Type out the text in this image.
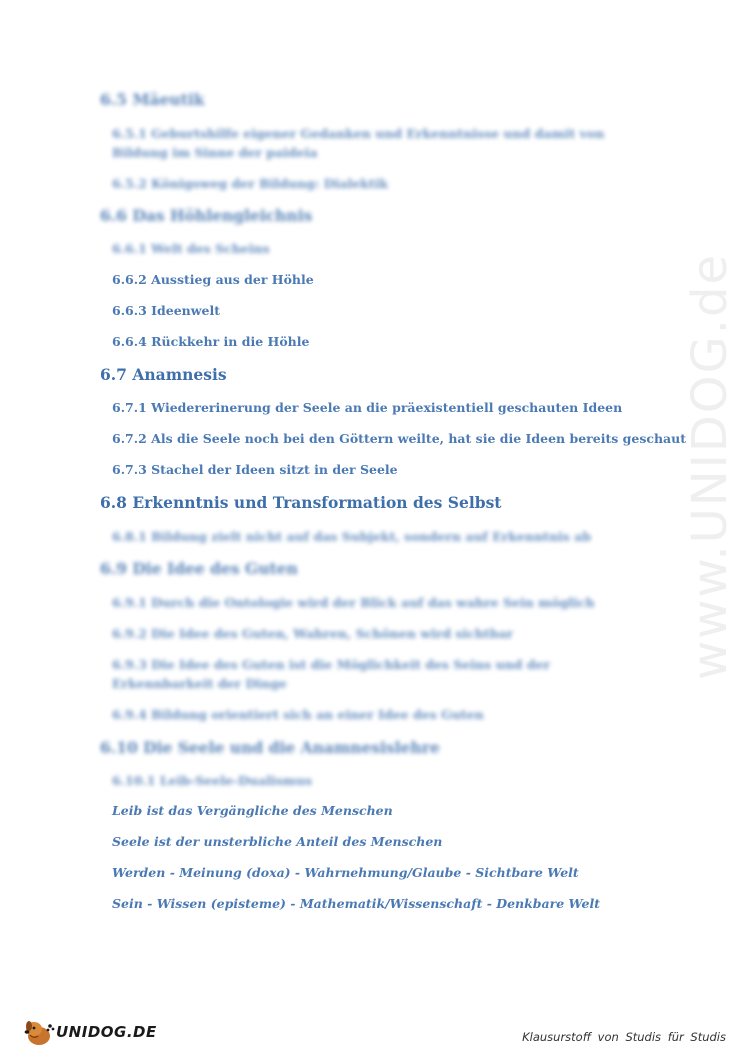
www.UNIDOG.de
6.5 Mäeutik
6.5.1 Geburtshilfe eigener Gedanken und Erkenntnisse und damit von Bildung im Sinne der paideia
6.5.2 Königsweg der Bildung: Dialektik
6.6 Das Höhlengleichnis
6.6.1 Welt des Scheins
6.6.2 Ausstieg aus der Höhle
6.6.3 Ideenwelt
6.6.4 Rückkehr in die Höhle
6.7 Anamnesis
6.7.1 Wiedererinerung der Seele an die präexistentiell geschauten Ideen
6.7.2 Als die Seele noch bei den Göttern weilte, hat sie die Ideen bereits geschaut
6.7.3 Stachel der Ideen sitzt in der Seele
6.8 Erkenntnis und Transformation des Selbst
6.8.1 Bildung zielt nicht auf das Subjekt, sondern auf Erkenntnis ab
6.9 Die Idee des Guten
6.9.1 Durch die Ontologie wird der Blick auf das wahre Sein möglich
6.9.2 Die Idee des Guten, Wahren, Schönen wird sichtbar
6.9.3 Die Idee des Guten ist die Möglichkeit des Seins und der Erkennbarkeit der Dinge
6.9.4 Bildung orientiert sich an einer Idee des Guten
6.10 Die Seele und die Anamnesislehre
6.10.1 Leib-Seele-Dualismus
Leib ist das Vergängliche des Menschen
Seele ist der unsterbliche Anteil des Menschen
Werden - Meinung (doxa) - Wahrnehmung/Glaube - Sichtbare Welt
Sein - Wissen (episteme) - Mathematik/Wissenschaft - Denkbare Welt
UNIDOG.DE	Klausurstoff von Studis für Studis
